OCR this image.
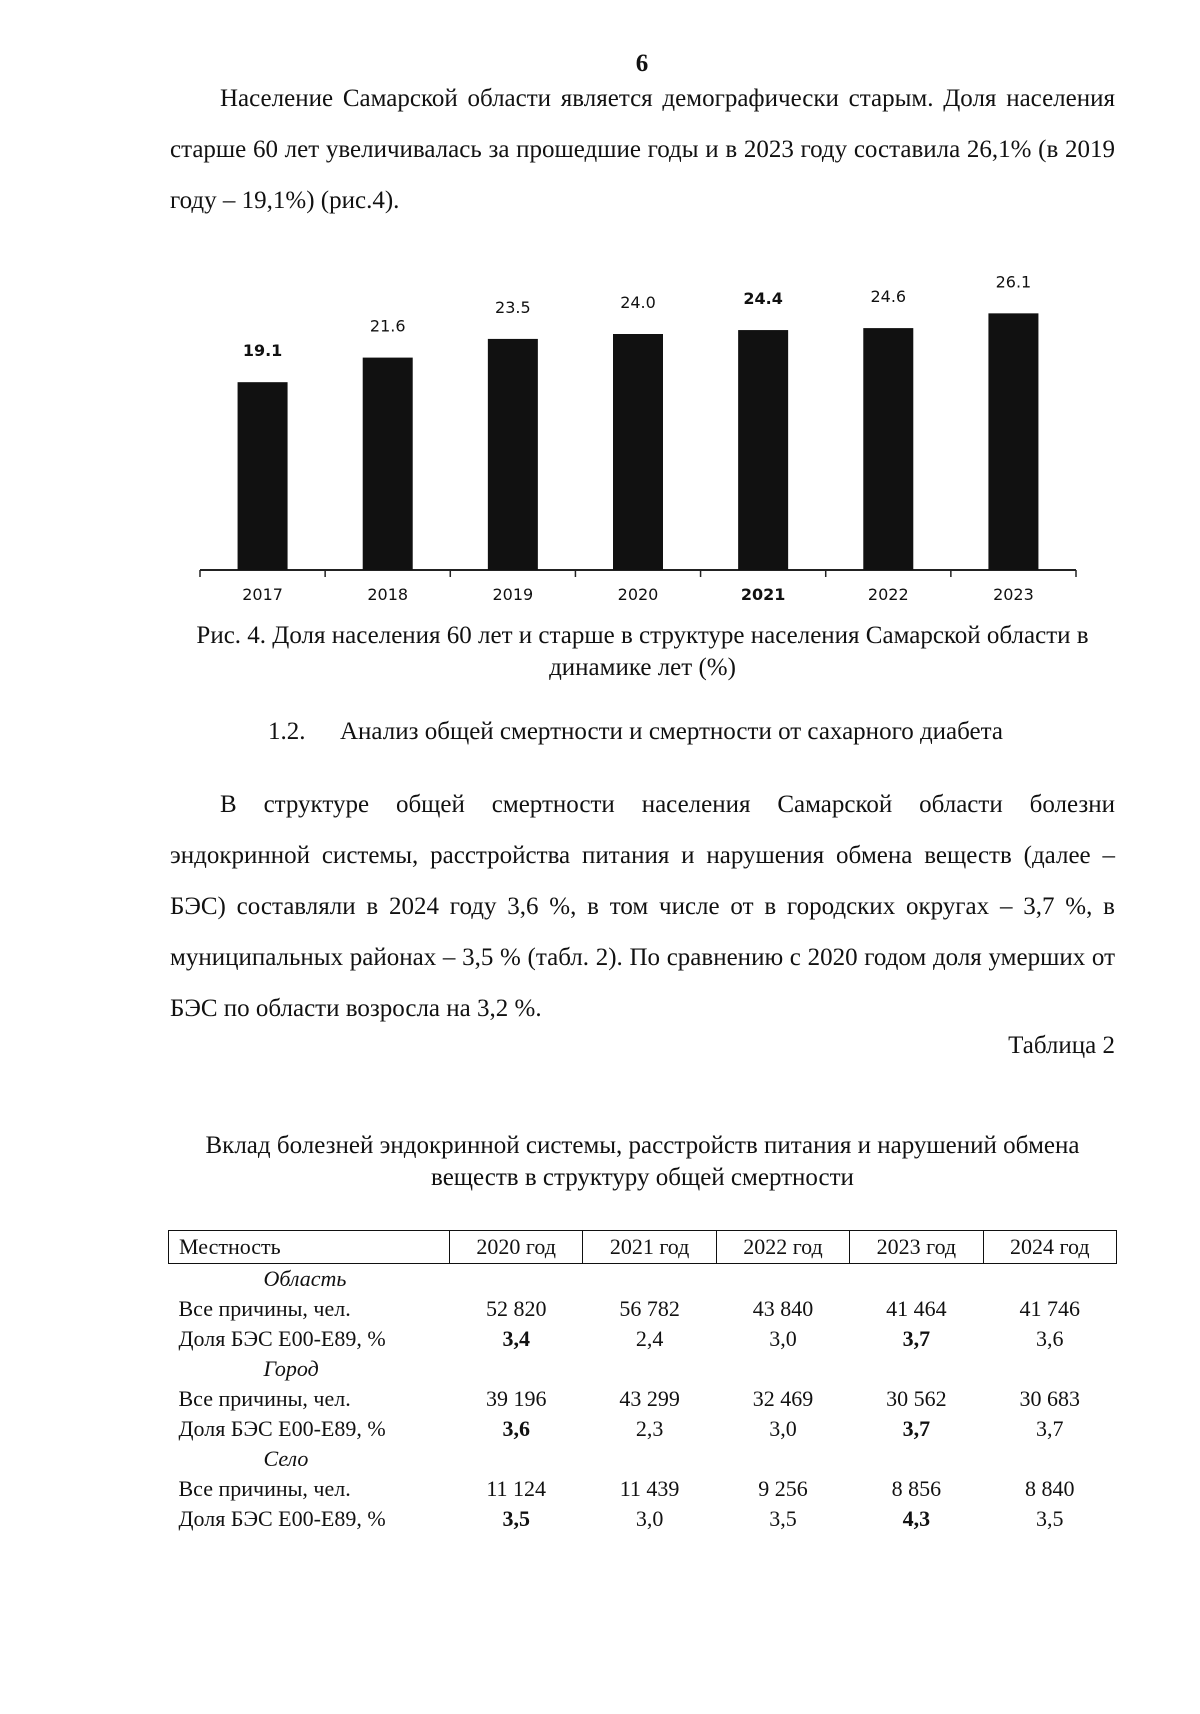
6

Население Самарской области является демографически старым. Доля населения старше 60 лет увеличивалась за прошедшие годы и в 2023 году составила 26,1% (в 2019 году – 19,1%) (рис.4).

19.1
2017
21.6
2018
23.5
2019
24.0
2020
24.4
2021
24.6
2022
26.1
2023

Рис. 4. Доля населения 60 лет и старше в структуре населения Самарской области в динамике лет (%)

1.2. Анализ общей смертности и смертности от сахарного диабета

В структуре общей смертности населения Самарской области болезни эндокринной системы, расстройства питания и нарушения обмена веществ (далее – БЭС) составляли в 2024 году 3,6 %, в том числе от в городских округах – 3,7 %, в муниципальных районах – 3,5 % (табл. 2). По сравнению с 2020 годом доля умерших от БЭС по области возросла на 3,2 %.

Таблица 2

Вклад болезней эндокринной системы, расстройств питания и нарушений обмена веществ в структуру общей смертности

Местность	2020 год	2021 год	2022 год	2023 год	2024 год
Область					
Все причины, чел.	52 820	56 782	43 840	41 464	41 746
Доля БЭС Е00-Е89, %	3,4	2,4	3,0	3,7	3,6
Город					
Все причины, чел.	39 196	43 299	32 469	30 562	30 683
Доля БЭС Е00-Е89, %	3,6	2,3	3,0	3,7	3,7
Село					
Все причины, чел.	11 124	11 439	9 256	8 856	8 840
Доля БЭС Е00-Е89, %	3,5	3,0	3,5	4,3	3,5
